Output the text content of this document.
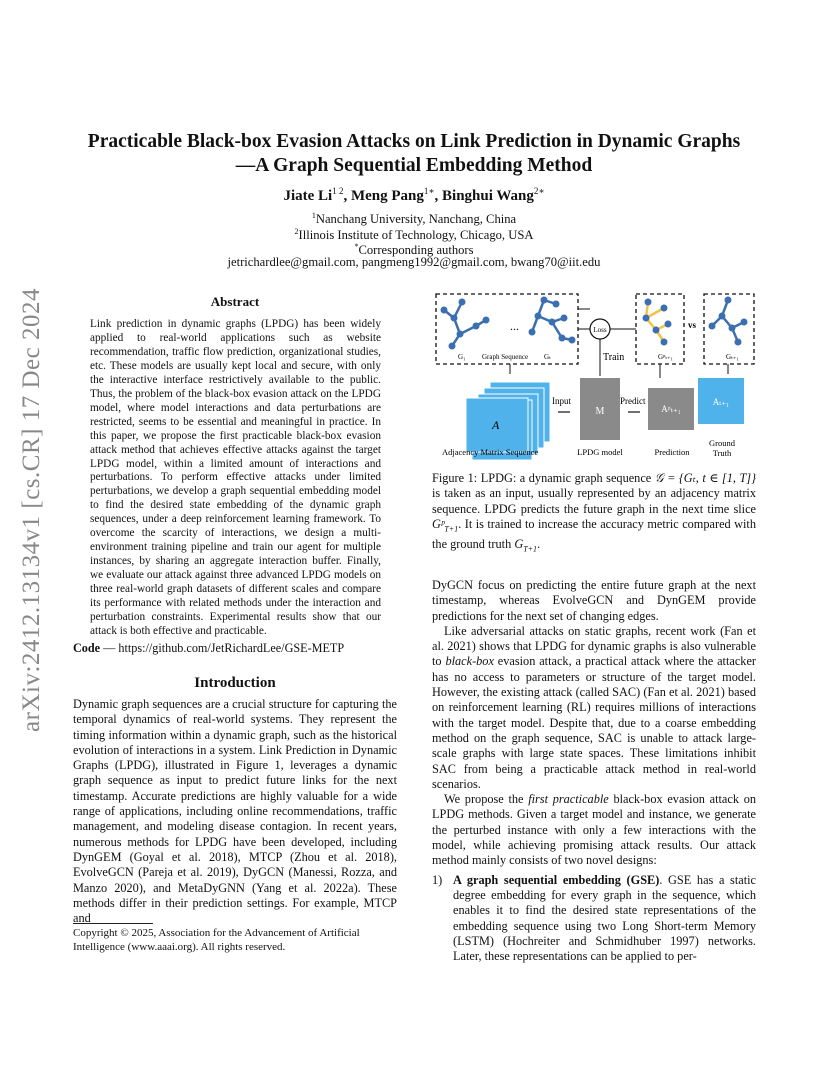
arXiv:2412.13134v1 [cs.CR] 17 Dec 2024
Practicable Black-box Evasion Attacks on Link Prediction in Dynamic Graphs
—A Graph Sequential Embedding Method
Jiate $Li^{1 2}$, Meng Pang$^{1∗}$, Binghui Wang$^{2∗}$
$^1$Nanchang University, Nanchang, China
$^2$Illinois Institute of Technology, Chicago, USA
*Corresponding authors
jetrichardlee@gmail.com, pangmeng1992@gmail.com, bwang70@iit.edu
Abstract
Link prediction in dynamic graphs (LPDG) has been widely applied to real-world applications such as website recommendation, traffic flow prediction, organizational studies, etc. These models are usually kept local and secure, with only the interactive interface restrictively available to the public. Thus, the problem of the black-box evasion attack on the LPDG model, where model interactions and data perturbations are restricted, seems to be essential and meaningful in practice. In this paper, we propose the first practicable black-box evasion attack method that achieves effective attacks against the target LPDG model, within a limited amount of interactions and perturbations. To perform effective attacks under limited perturbations, we develop a graph sequential embedding model to find the desired state embedding of the dynamic graph sequences, under a deep reinforcement learning framework. To overcome the scarcity of interactions, we design a multi-environment training pipeline and train our agent for multiple instances, by sharing an aggregate interaction buffer. Finally, we evaluate our attack against three advanced LPDG models on three real-world graph datasets of different scales and compare its performance with related methods under the interaction and perturbation constraints. Experimental results show that our attack is both effective and practicable.
Code — https://github.com/JetRichardLee/GSE-METP
Introduction

Dynamic graph sequences are a crucial structure for capturing the temporal dynamics of real-world systems. They represent the timing information within a dynamic graph, such as the historical evolution of interactions in a system. Link Prediction in Dynamic Graphs (LPDG), illustrated in Figure 1, leverages a dynamic graph sequence as input to predict future links for the next timestamp. Accurate predictions are highly valuable for a wide range of applications, including online recommendations, traffic management, and modeling disease contagion. In recent years, numerous methods for LPDG have been developed, including DynGEM (Goyal et al. 2018), MTCP (Zhou et al. 2018), EvolveGCN (Pareja et al. 2019), DyGCN (Manessi, Rozza, and Manzo 2020), and MetaDyGNN (Yang et al. 2022a). These methods differ in their prediction settings. For example, MTCP and

Copyright © 2025, Association for the Advancement of Artificial Intelligence (www.aaai.org). All rights reserved.
...
G₁ Graph Sequence Gₜ
Loss
Train	Gᵖₜ₊₁
vs
Gₜ₊₁
A
Input
M
Predict
Aᵖₜ₊₁
Aₜ₊₁
Adjacency Matrix Sequence	LPDG model	Prediction
Ground
Truth
Figure 1: LPDG: a dynamic graph sequence 𝒢 = {Gₜ, t ∈ [1, T]} is taken as an input, usually represented by an adjacency matrix sequence. LPDG predicts the future graph in the next time slice Gᵖ$_{T+1}$. It is trained to increase the accuracy metric compared with the ground truth $G_{T+1}$.

DyGCN focus on predicting the entire future graph at the next timestamp, whereas EvolveGCN and DynGEM provide predictions for the next set of changing edges.

Like adversarial attacks on static graphs, recent work (Fan et al. 2021) shows that LPDG for dynamic graphs is also vulnerable to black-box evasion attack, a practical attack where the attacker has no access to parameters or structure of the target model. However, the existing attack (called SAC) (Fan et al. 2021) based on reinforcement learning (RL) requires millions of interactions with the target model. Despite that, due to a coarse embedding method on the graph sequence, SAC is unable to attack large-scale graphs with large state spaces. These limitations inhibit SAC from being a practicable attack method in real-world scenarios.

We propose the first practicable black-box evasion attack on LPDG methods. Given a target model and instance, we generate the perturbed instance with only a few interactions with the model, while achieving promising attack results. Our attack method mainly consists of two novel designs:

1) A graph sequential embedding (GSE). GSE has a static degree embedding for every graph in the sequence, which enables it to find the desired state representations of the embedding sequence using two Long Short-term Memory (LSTM) (Hochreiter and Schmidhuber 1997) networks. Later, these representations can be applied to per-
